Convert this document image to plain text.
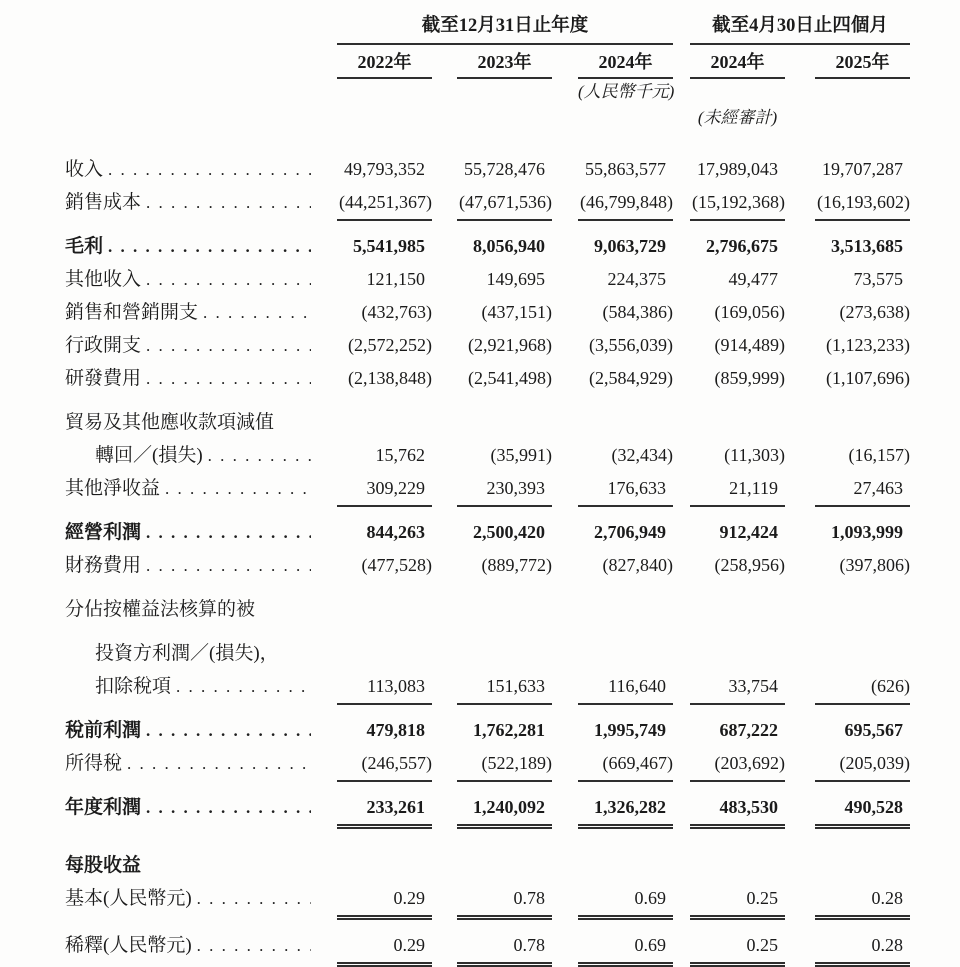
截至12月31日止年度	截至4月30日止四個月
2022年	2023年	2024年	2024年	2025年
(人民幣千元)
(未經審計)
收入 . . .	49,793,352	55,728,476	55,863,577	17,989,043	19,707,287
銷售成本 . . .	(44,251,367) (47,671,536) (46,799,848) (15,192,368) (16,193,602)
毛利 . . .	5,541,985	8,056,940	9,063,729	2,796,675	3,513,685
其他收入 . . .	121,150	149,695	224,375	49,477	73,575
銷售和營銷開支 . . .	(432,763)	(437,151)	(584,386)	(169,056)	(273,638)
行政開支 . . .	(2,572,252)	(2,921,968)	(3,556,039)	(914,489)	(1,123,233)
研發費用 . . .	(2,138,848)	(2,541,498)	(2,584,929)	(859,999)	(1,107,696)
貿易及其他應收款項減值
轉回／(損失) . . .	15,762	(35,991)	(32,434)	(11,303)	(16,157)
其他淨收益 . . .	309,229	230,393	176,633	21,119	27,463
經營利潤 . . .	844,263	2,500,420	2,706,949	912,424	1,093,999
財務費用 . . .	(477,528)	(889,772)	(827,840)	(258,956)	(397,806)
分佔按權益法核算的被
投資方利潤／(損失)，
扣除稅項 . . .	113,083	151,633	116,640	33,754	(626)
稅前利潤 . . .	479,818	1,762,281	1,995,749	687,222	695,567
所得稅 . . .	(246,557)	(522,189)	(669,467)	(203,692)	(205,039)
年度利潤 . . .	233,261	1,240,092	1,326,282	483,530	490,528
每股收益
基本(人民幣元) . . .	0.29	0.78	0.69	0.25	0.28
稀釋(人民幣元) . . .	0.29	0.78	0.69	0.25	0.28
